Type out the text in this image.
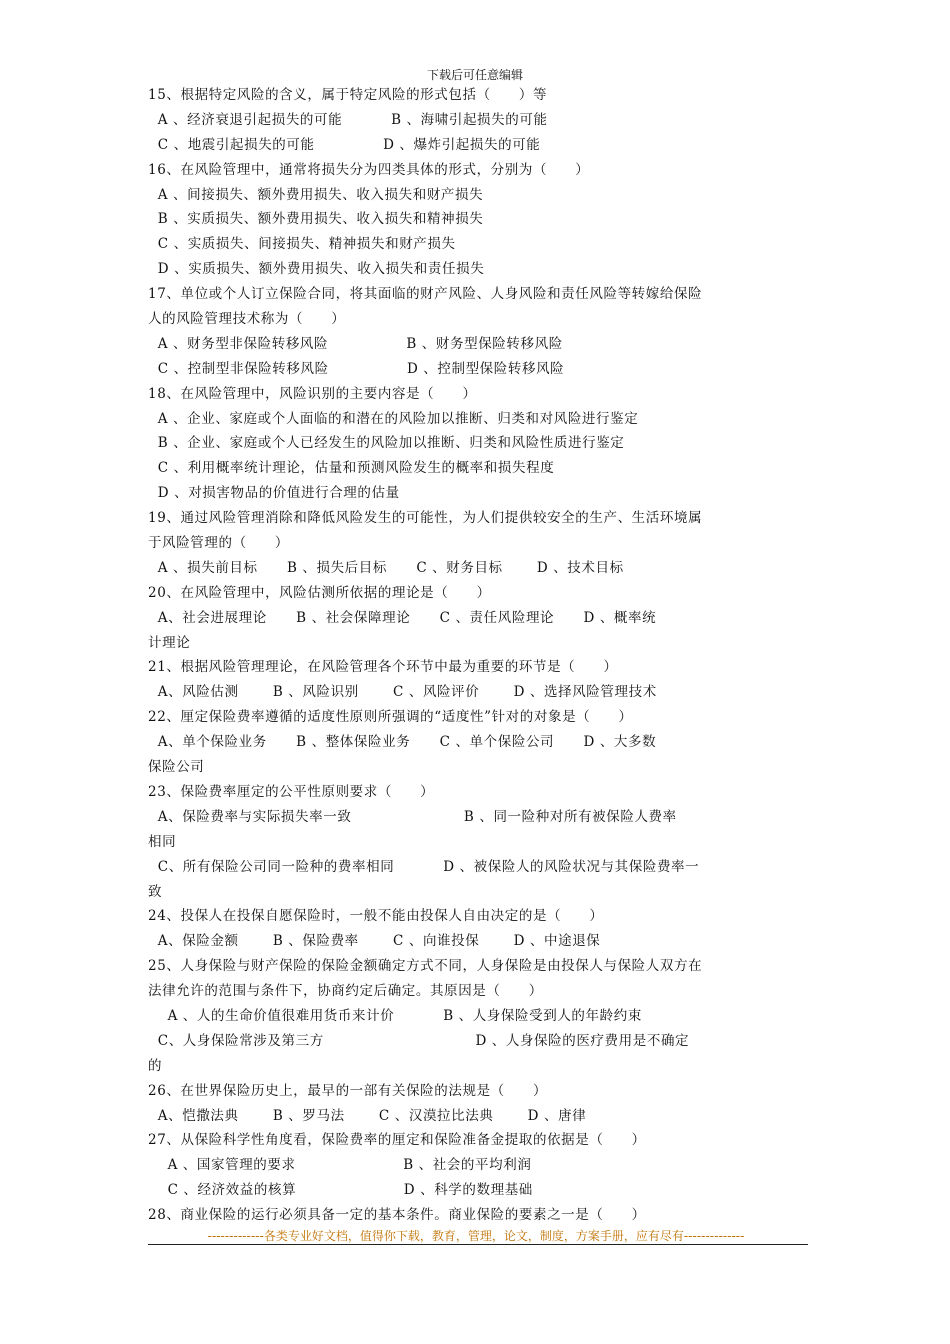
下载后可任意编辑
15、根据特定风险的含义，属于特定风险的形式包括（　　）等
A 、经济衰退引起损失的可能          B 、海啸引起损失的可能
C 、地震引起损失的可能              D 、爆炸引起损失的可能
16、在风险管理中，通常将损失分为四类具体的形式，分别为（　　）
A 、间接损失、额外费用损失、收入损失和财产损失
B 、实质损失、额外费用损失、收入损失和精神损失
C 、实质损失、间接损失、精神损失和财产损失
D 、实质损失、额外费用损失、收入损失和责任损失
17、单位或个人订立保险合同，将其面临的财产风险、人身风险和责任风险等转嫁给保险
人的风险管理技术称为（　　）
A 、财务型非保险转移风险                B 、财务型保险转移风险
C 、控制型非保险转移风险                D 、控制型保险转移风险
18、在风险管理中，风险识别的主要内容是（　　）
A 、企业、家庭或个人面临的和潜在的风险加以推断、归类和对风险进行鉴定
B 、企业、家庭或个人已经发生的风险加以推断、归类和风险性质进行鉴定
C 、利用概率统计理论，估量和预测风险发生的概率和损失程度
D 、对损害物品的价值进行合理的估量
19、通过风险管理消除和降低风险发生的可能性，为人们提供较安全的生产、生活环境属
于风险管理的（　　）
A 、损失前目标      B 、损失后目标      C 、财务目标       D 、技术目标
20、在风险管理中，风险估测所依据的理论是（　　）
A、社会进展理论      B 、社会保障理论      C 、责任风险理论      D 、概率统
计理论
21、根据风险管理理论，在风险管理各个环节中最为重要的环节是（　　）
A、风险估测       B 、风险识别       C 、风险评价       D 、选择风险管理技术
22、厘定保险费率遵循的适度性原则所强调的“适度性”针对的对象是（　　）
A、单个保险业务      B 、整体保险业务      C 、单个保险公司      D 、大多数
保险公司
23、保险费率厘定的公平性原则要求（　　）
A、保险费率与实际损失率一致                       B 、同一险种对所有被保险人费率
相同
C、所有保险公司同一险种的费率相同          D 、被保险人的风险状况与其保险费率一
致
24、投保人在投保自愿保险时，一般不能由投保人自由决定的是（　　）
A、保险金额       B 、保险费率       C 、向谁投保       D 、中途退保
25、人身保险与财产保险的保险金额确定方式不同，人身保险是由投保人与保险人双方在
法律允许的范围与条件下，协商约定后确定。其原因是（　　）
A 、人的生命价值很难用货币来计价          B 、人身保险受到人的年龄约束
C、人身保险常涉及第三方                               D 、人身保险的医疗费用是不确定
的
26、在世界保险历史上，最早的一部有关保险的法规是（　　）
A、恺撒法典       B 、罗马法       C 、汉漠拉比法典       D 、唐律
27、从保险科学性角度看，保险费率的厘定和保险准备金提取的依据是（　　）
A 、国家管理的要求                      B 、社会的平均利润
C 、经济效益的核算                      D 、科学的数理基础
28、商业保险的运行必须具备一定的基本条件。商业保险的要素之一是（　　）
-------------各类专业好文档，值得你下载，教育，管理，论文，制度，方案手册，应有尽有--------------
